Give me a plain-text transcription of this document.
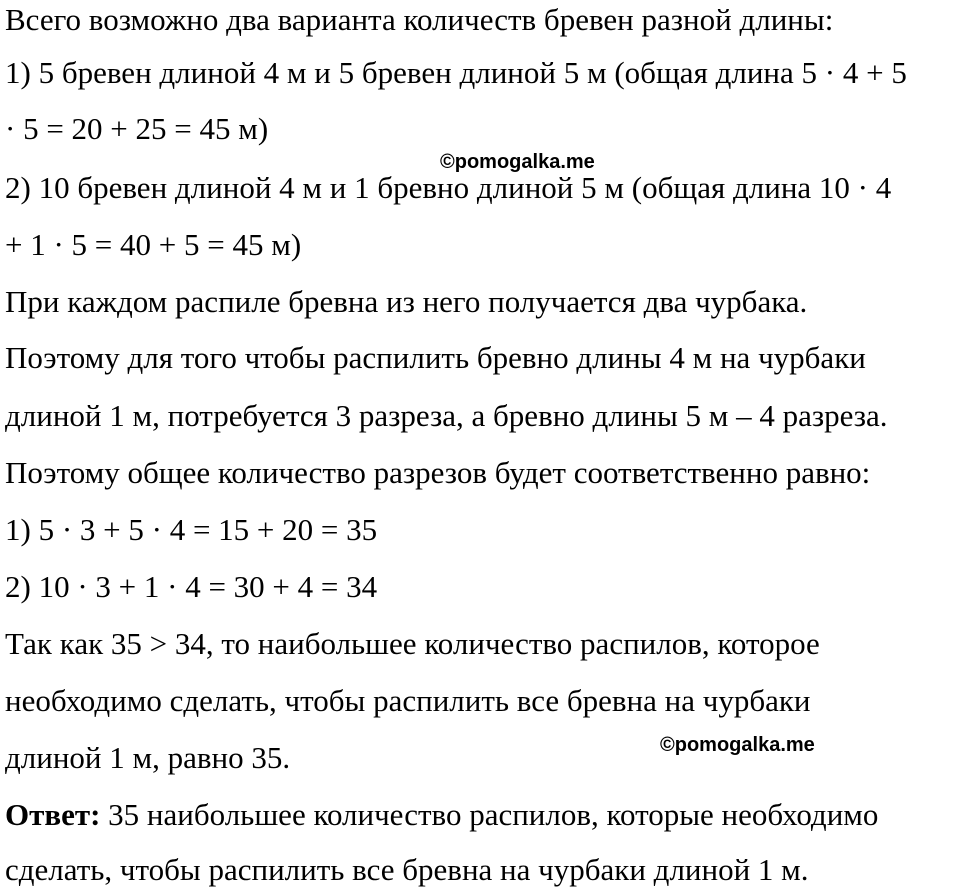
Всего возможно два варианта количеств бревен разной длины:
1) 5 бревен длиной 4 м и 5 бревен длиной 5 м (общая длина 5 · 4 + 5
· 5 = 20 + 25 = 45 м)
2) 10 бревен длиной 4 м и 1 бревно длиной 5 м (общая длина 10 · 4
+ 1 · 5 = 40 + 5 = 45 м)
При каждом распиле бревна из него получается два чурбака.
Поэтому для того чтобы распилить бревно длины 4 м на чурбаки
длиной 1 м, потребуется 3 разреза, а бревно длины 5 м – 4 разреза.
Поэтому общее количество разрезов будет соответственно равно:
1) 5 · 3 + 5 · 4 = 15 + 20 = 35
2) 10 · 3 + 1 · 4 = 30 + 4 = 34
Так как 35 > 34, то наибольшее количество распилов, которое
необходимо сделать, чтобы распилить все бревна на чурбаки
длиной 1 м, равно 35.
Ответ: 35 наибольшее количество распилов, которые необходимо
сделать, чтобы распилить все бревна на чурбаки длиной 1 м.
©pomogalka.me
©pomogalka.me
